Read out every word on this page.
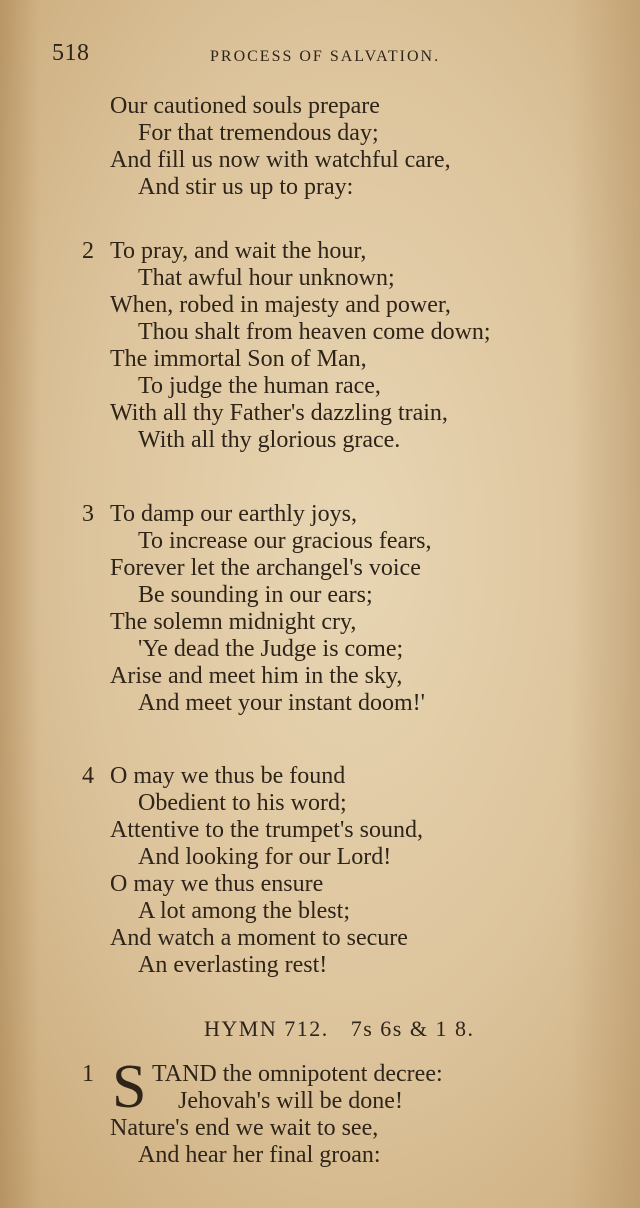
518	PROCESS OF SALVATION.
Our cautioned souls prepare
For that tremendous day;
And fill us now with watchful care,
And stir us up to pray:
2 To pray, and wait the hour,
That awful hour unknown;
When, robed in majesty and power,
Thou shalt from heaven come down;
The immortal Son of Man,
To judge the human race,
With all thy Father's dazzling train,
With all thy glorious grace.
3 To damp our earthly joys,
To increase our gracious fears,
Forever let the archangel's voice
Be sounding in our ears;
The solemn midnight cry,
'Ye dead the Judge is come;
Arise and meet him in the sky,
And meet your instant doom!'
4 O may we thus be found
Obedient to his word;
Attentive to the trumpet's sound,
And looking for our Lord!
O may we thus ensure
A lot among the blest;
And watch a moment to secure
An everlasting rest!
HYMN 712. 7s 6s & 1 8.
1 S TAND the omnipotent decree:
Jehovah's will be done!
Nature's end we wait to see,
And hear her final groan:
